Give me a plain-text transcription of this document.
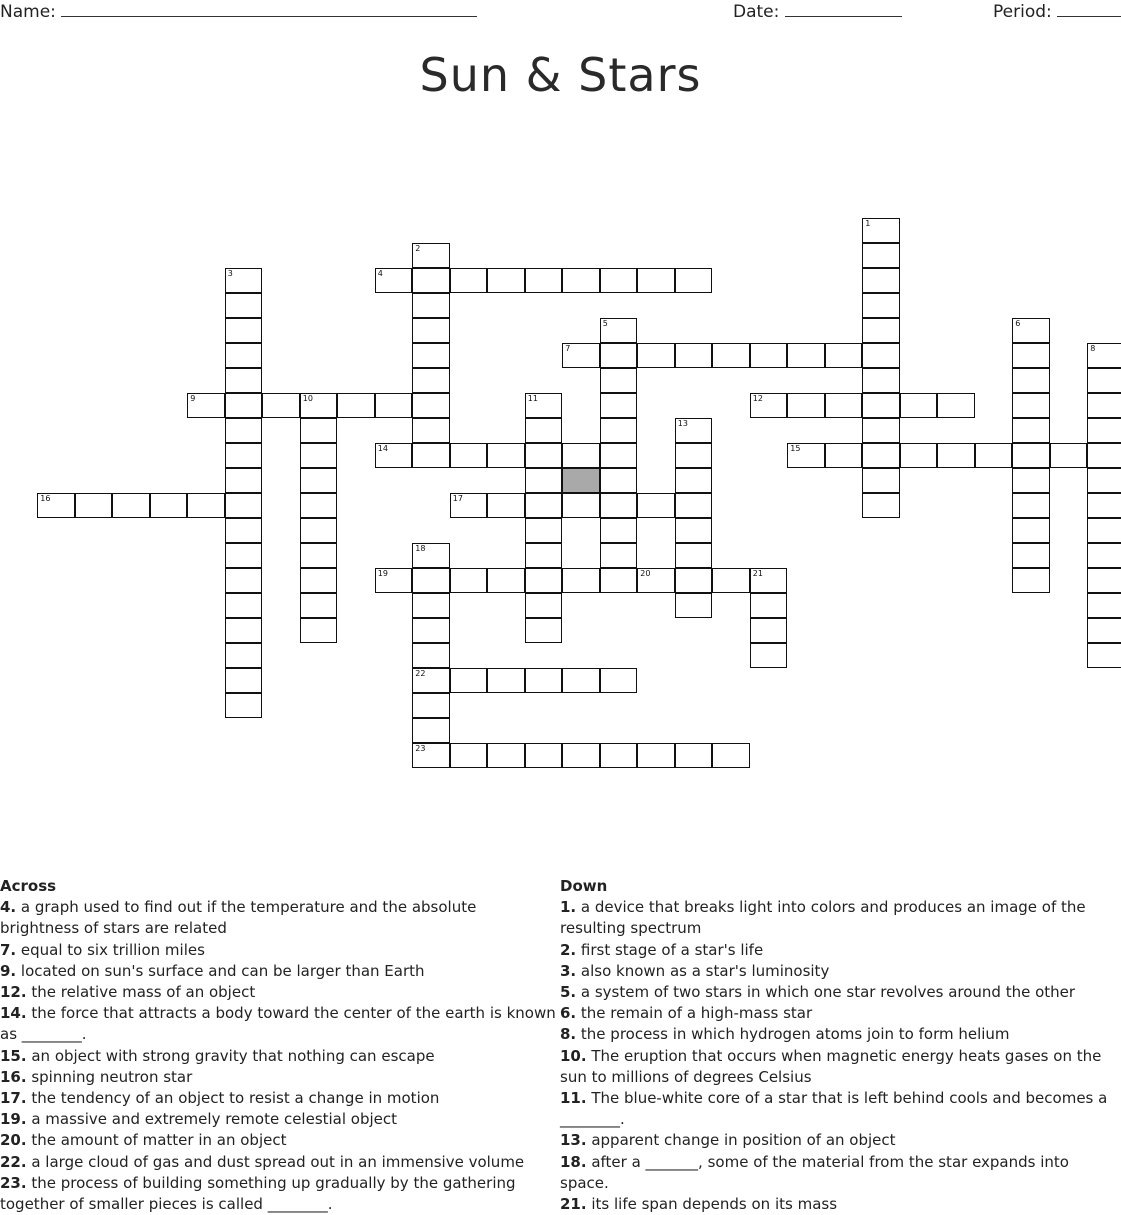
Name:	Date:	Period:
Sun & Stars
1
2
3	4
5	6
7	8
9	10	11	12
13
14	15
16	17
18
22
23
19	20	21
Across
4. a graph used to find out if the temperature and the absolute brightness of stars are related
7. equal to six trillion miles
9. located on sun's surface and can be larger than Earth
12. the relative mass of an object
14. the force that attracts a body toward the center of the earth is known as ________.
15. an object with strong gravity that nothing can escape
16. spinning neutron star
17. the tendency of an object to resist a change in motion
19. a massive and extremely remote celestial object
20. the amount of matter in an object
22. a large cloud of gas and dust spread out in an immensive volume
23. the process of building something up gradually by the gathering together of smaller pieces is called ________.
Down
1. a device that breaks light into colors and produces an image of the resulting spectrum
2. first stage of a star's life
3. also known as a star's luminosity
5. a system of two stars in which one star revolves around the other
6. the remain of a high-mass star
8. the process in which hydrogen atoms join to form helium
10. The eruption that occurs when magnetic energy heats gases on the sun to millions of degrees Celsius
11. The blue-white core of a star that is left behind cools and becomes a ________.
13. apparent change in position of an object
18. after a _______, some of the material from the star expands into space.
21. its life span depends on its mass
